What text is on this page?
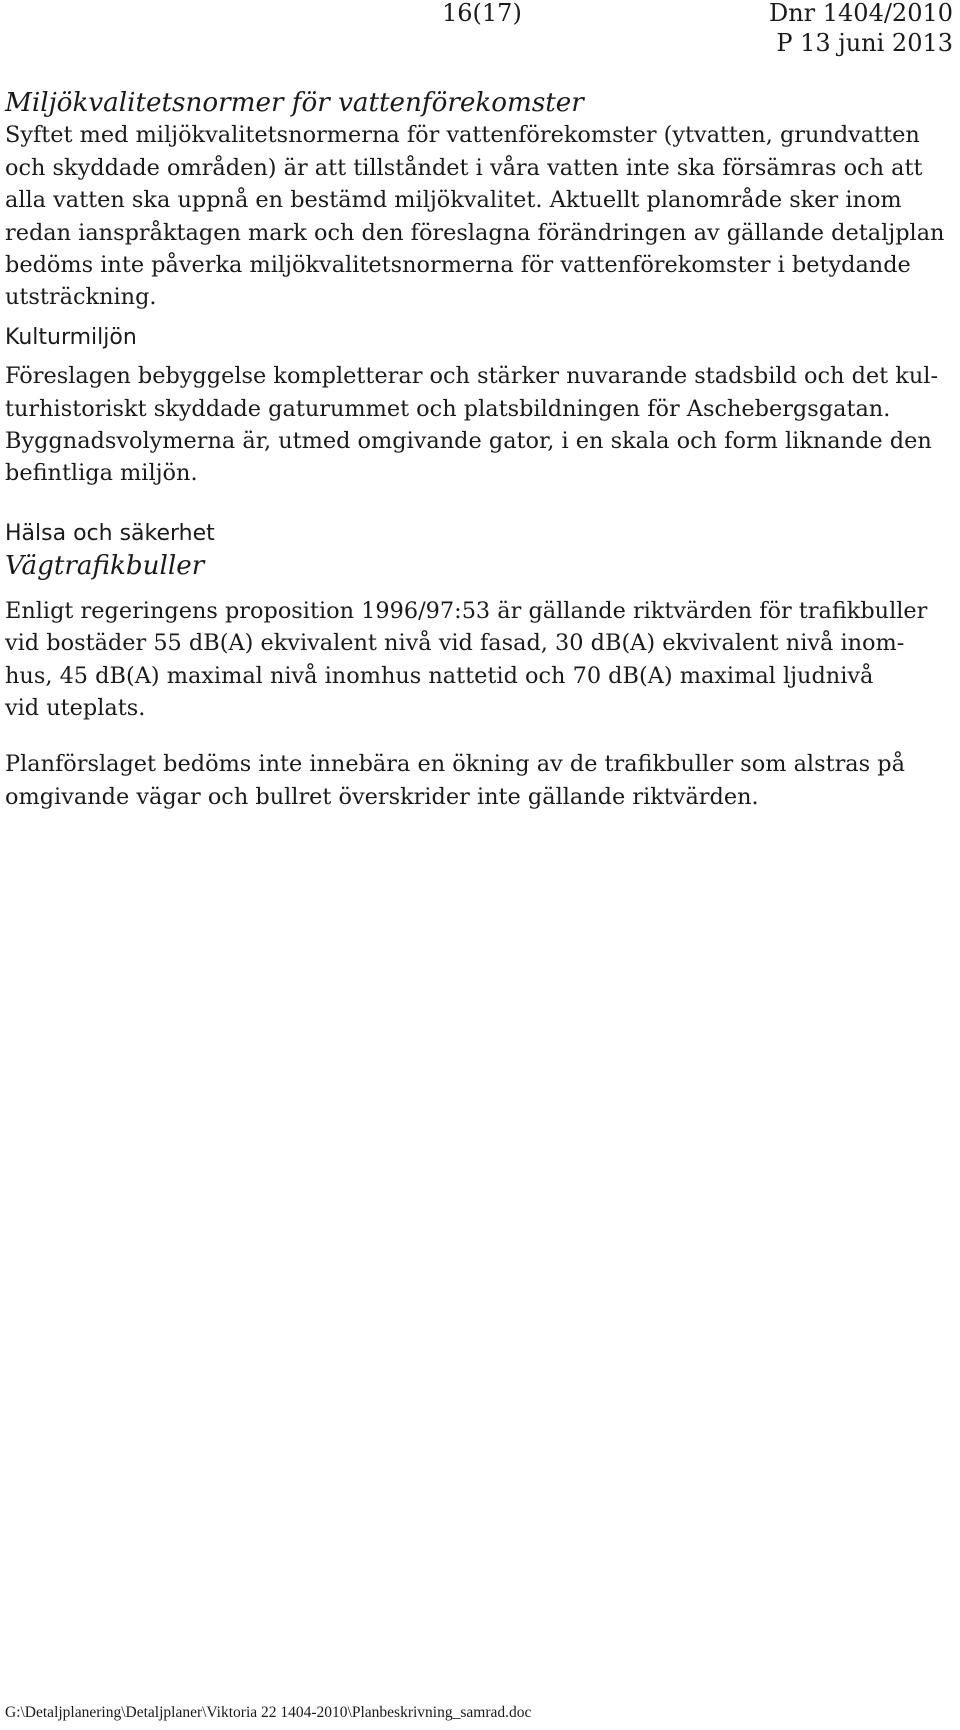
16(17)	Dnr 1404/2010
P 13 juni 2013
Miljökvalitetsnormer för vattenförekomster

Syftet med miljökvalitetsnormerna för vattenförekomster (ytvatten, grundvatten

och skyddade områden) är att tillståndet i våra vatten inte ska försämras och att

alla vatten ska uppnå en bestämd miljökvalitet. Aktuellt planområde sker inom

redan ianspråktagen mark och den föreslagna förändringen av gällande detaljplan

bedöms inte påverka miljökvalitetsnormerna för vattenförekomster i betydande

utsträckning.

Kulturmiljön

Föreslagen bebyggelse kompletterar och stärker nuvarande stadsbild och det kul-

turhistoriskt skyddade gaturummet och platsbildningen för Aschebergsgatan.

Byggnadsvolymerna är, utmed omgivande gator, i en skala och form liknande den

befintliga miljön.

Hälsa och säkerhet
Vägtrafikbuller

Enligt regeringens proposition 1996/97:53 är gällande riktvärden för trafikbuller

vid bostäder 55 dB(A) ekvivalent nivå vid fasad, 30 dB(A) ekvivalent nivå inom-

hus, 45 dB(A) maximal nivå inomhus nattetid och 70 dB(A) maximal ljudnivå

vid uteplats.

Planförslaget bedöms inte innebära en ökning av de trafikbuller som alstras på

omgivande vägar och bullret överskrider inte gällande riktvärden.

G:\Detaljplanering\Detaljplaner\Viktoria 22 1404-2010\Planbeskrivning_samrad.doc
